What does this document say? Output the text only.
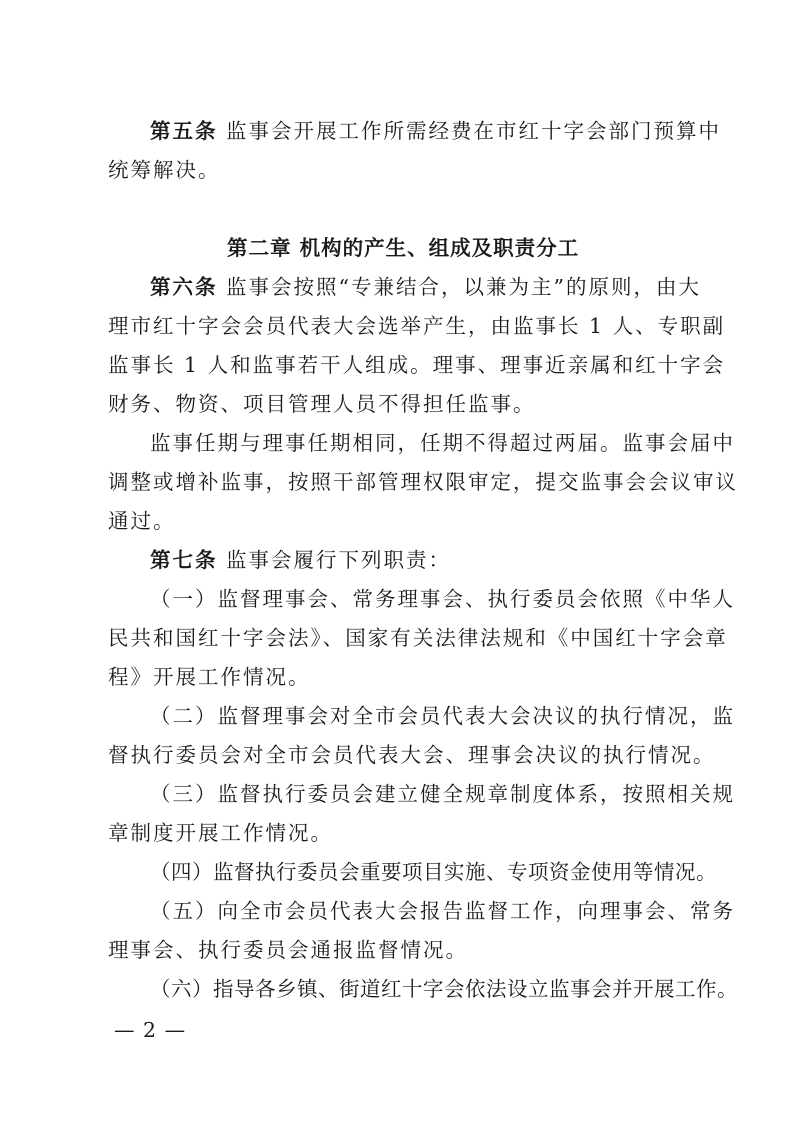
第五条 监事会开展工作所需经费在市红十字会部门预算中
统筹解决。
第二章 机构的产生、组成及职责分工
第六条 监事会按照“专兼结合，以兼为主”的原则，由大
理市红十字会会员代表大会选举产生，由监事长 1 人、专职副
监事长 1 人和监事若干人组成。理事、理事近亲属和红十字会
财务、物资、项目管理人员不得担任监事。
监事任期与理事任期相同，任期不得超过两届。监事会届中
调整或增补监事，按照干部管理权限审定，提交监事会会议审议
通过。
第七条 监事会履行下列职责：
（一）监督理事会、常务理事会、执行委员会依照《中华人
民共和国红十字会法》、国家有关法律法规和《中国红十字会章
程》开展工作情况。
（二）监督理事会对全市会员代表大会决议的执行情况，监
督执行委员会对全市会员代表大会、理事会决议的执行情况。
（三）监督执行委员会建立健全规章制度体系，按照相关规
章制度开展工作情况。
（四）监督执行委员会重要项目实施、专项资金使用等情况。
（五）向全市会员代表大会报告监督工作，向理事会、常务
理事会、执行委员会通报监督情况。
（六）指导各乡镇、街道红十字会依法设立监事会并开展工作。
— 2 —
